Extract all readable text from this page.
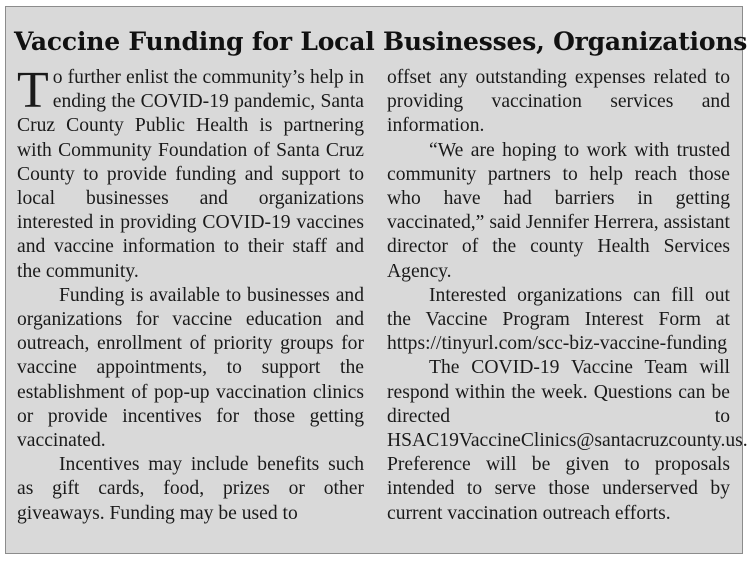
Vaccine Funding for Local Businesses, Organizations

To further enlist the community’s help in ending the COVID-19 pandemic, Santa Cruz County Public Health is partnering with Community Foundation of Santa Cruz County to provide funding and support to local businesses and organizations interested in providing COVID-19 vaccines and vaccine information to their staff and the community.

Funding is available to businesses and organizations for vaccine education and outreach, enrollment of priority groups for vaccine appointments, to support the establishment of pop-up vaccination clinics or provide incentives for those getting vaccinated.

Incentives may include benefits such as gift cards, food, prizes or other giveaways. Funding may be used to

offset any outstanding expenses related to providing vaccination services and information.

“We are hoping to work with trusted community partners to help reach those who have had barriers in getting vaccinated,” said Jennifer Herrera, assistant director of the county Health Services Agency.

Interested organizations can fill out the Vaccine Program Interest Form at https://tinyurl.com/scc-biz-vaccine-funding

The COVID-19 Vaccine Team will respond within the week. Questions can be directed to HSAC19VaccineClinics@santacruzcounty.us. Preference will be given to proposals intended to serve those underserved by current vaccination outreach efforts.
